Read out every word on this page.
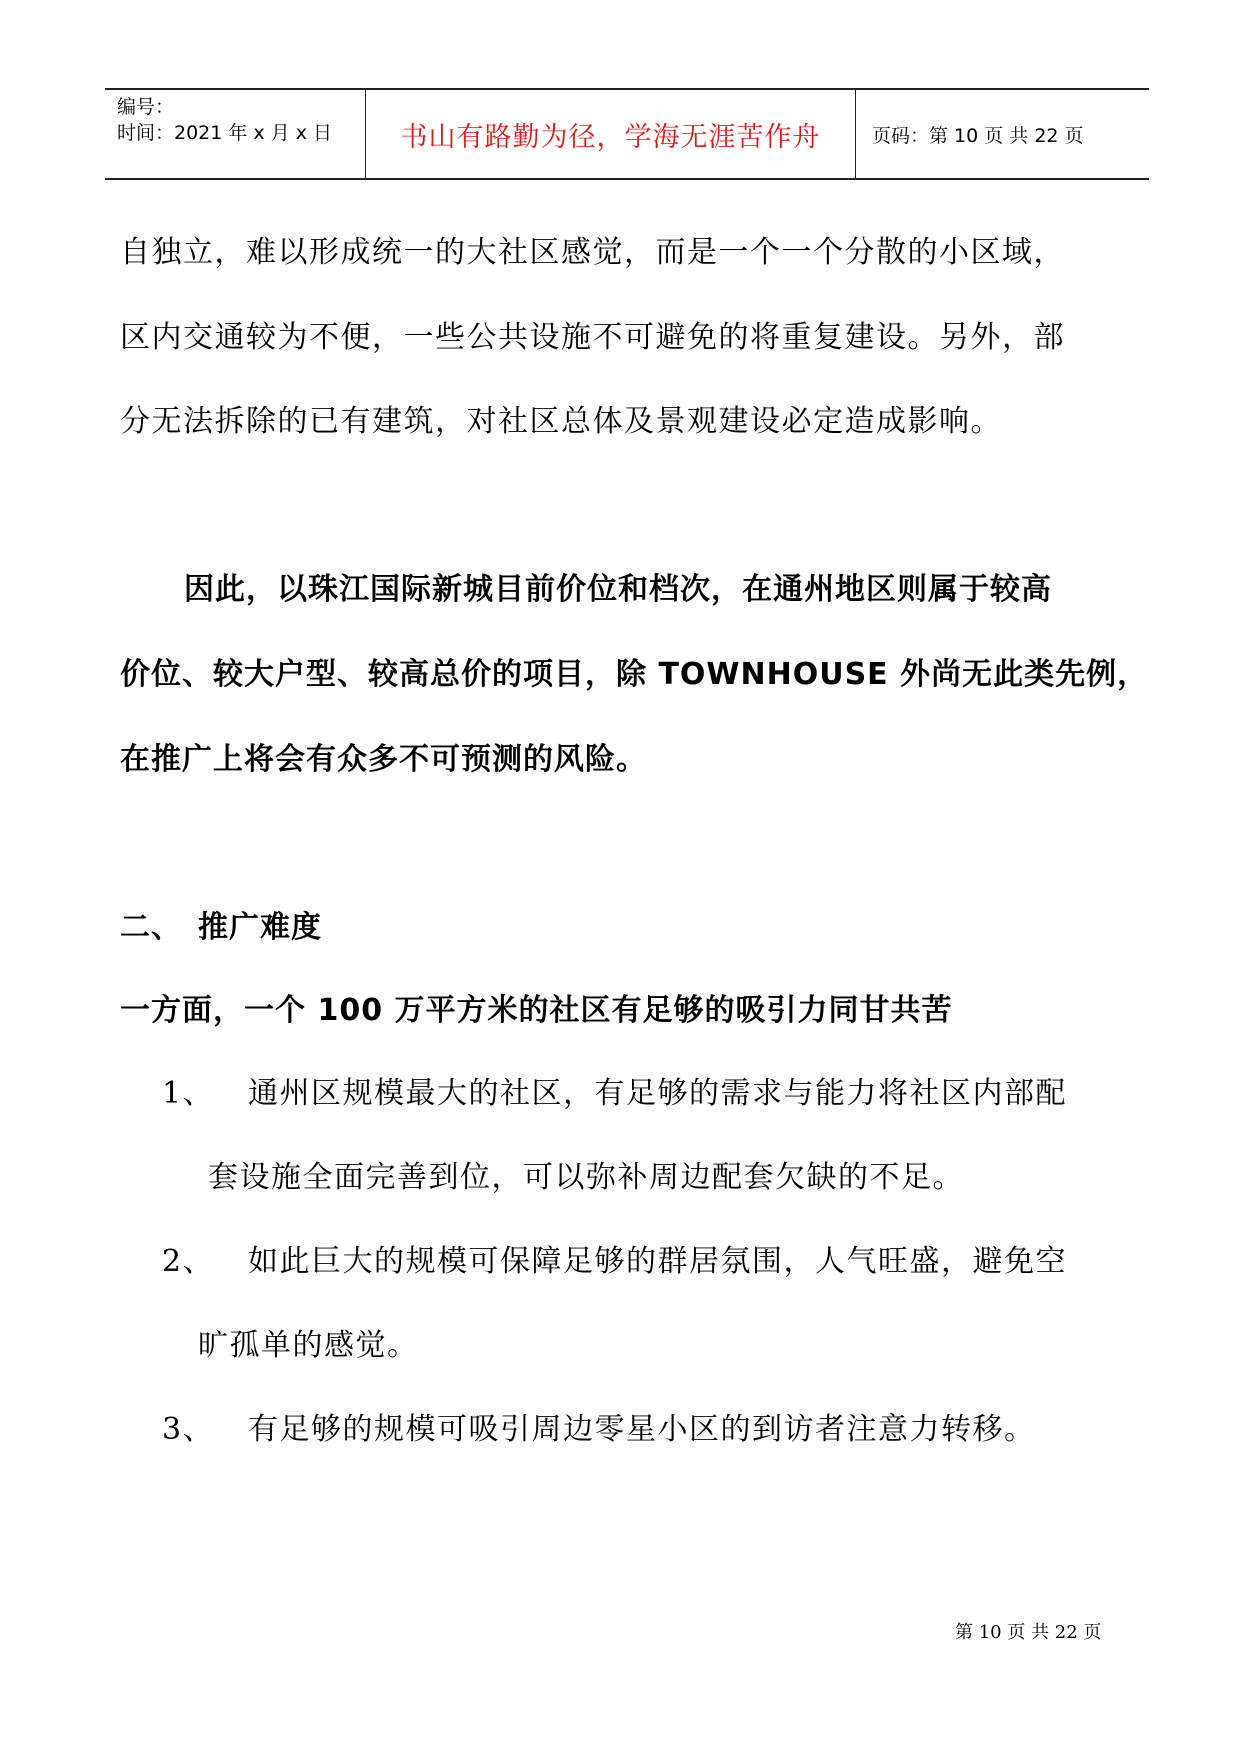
编号：
时间：2021 年 x 月 x 日	书山有路勤为径，学海无涯苦作舟	页码：第 10 页 共 22 页
自独立，难以形成统一的大社区感觉，而是一个一个分散的小区域，
区内交通较为不便，一些公共设施不可避免的将重复建设。另外，部
分无法拆除的已有建筑，对社区总体及景观建设必定造成影响。
因此，以珠江国际新城目前价位和档次，在通州地区则属于较高
价位、较大户型、较高总价的项目，除 TOWNHOUSE 外尚无此类先例，
在推广上将会有众多不可预测的风险。
二、　推广难度
一方面，一个 100 万平方米的社区有足够的吸引力同甘共苦
1、 通州区规模最大的社区，有足够的需求与能力将社区内部配
套设施全面完善到位，可以弥补周边配套欠缺的不足。
2、 如此巨大的规模可保障足够的群居氛围，人气旺盛，避免空
旷孤单的感觉。
3、 有足够的规模可吸引周边零星小区的到访者注意力转移。
第 10 页 共 22 页
